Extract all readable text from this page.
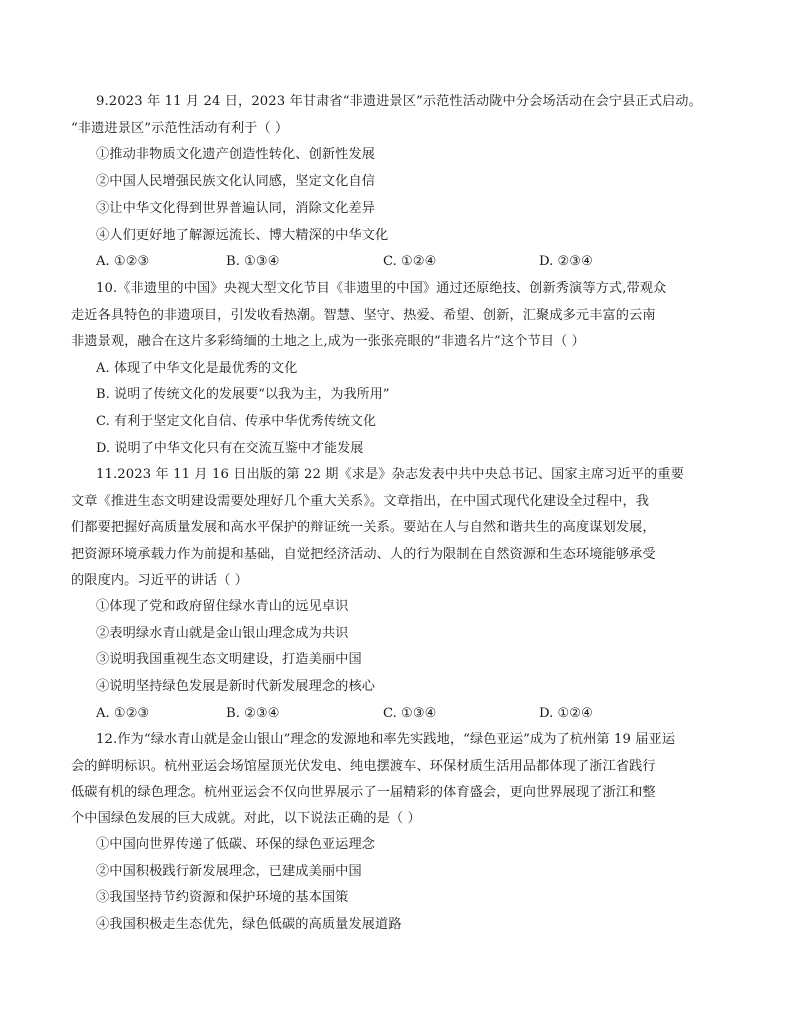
9.2023 年 11 月 24 日，2023 年甘肃省“非遗进景区”示范性活动陇中分会场活动在会宁县正式启动。
“非遗进景区”示范性活动有利于（ ）
①推动非物质文化遗产创造性转化、创新性发展
②中国人民增强民族文化认同感，坚定文化自信
③让中华文化得到世界普遍认同，消除文化差异
④人们更好地了解源远流长、博大精深的中华文化
A. ①②③	B. ①③④	C. ①②④	D. ②③④
10.《非遗里的中国》央视大型文化节目《非遗里的中国》通过还原绝技、创新秀演等方式,带观众
走近各具特色的非遗项目，引发收看热潮。智慧、坚守、热爱、希望、创新，汇聚成多元丰富的云南
非遗景观，融合在这片多彩绮缅的土地之上,成为一张张亮眼的“非遗名片”这个节目（ ）
A. 体现了中华文化是最优秀的文化
B. 说明了传统文化的发展要“以我为主，为我所用”
C. 有利于坚定文化自信、传承中华优秀传统文化
D. 说明了中华文化只有在交流互鉴中才能发展
11.2023 年 11 月 16 日出版的第 22 期《求是》杂志发表中共中央总书记、国家主席习近平的重要
文章《推进生态文明建设需要处理好几个重大关系》。文章指出，在中国式现代化建设全过程中，我
们都要把握好高质量发展和高水平保护的辩证统一关系。要站在人与自然和谐共生的高度谋划发展，
把资源环境承载力作为前提和基础，自觉把经济活动、人的行为限制在自然资源和生态环境能够承受
的限度内。习近平的讲话（ ）
①体现了党和政府留住绿水青山的远见卓识
②表明绿水青山就是金山银山理念成为共识
③说明我国重视生态文明建设，打造美丽中国
④说明坚持绿色发展是新时代新发展理念的核心
A. ①②③	B. ②③④	C. ①③④	D. ①②④
12.作为“绿水青山就是金山银山”理念的发源地和率先实践地，“绿色亚运”成为了杭州第 19 届亚运
会的鲜明标识。杭州亚运会场馆屋顶光伏发电、纯电摆渡车、环保材质生活用品都体现了浙江省践行
低碳有机的绿色理念。杭州亚运会不仅向世界展示了一届精彩的体育盛会，更向世界展现了浙江和整
个中国绿色发展的巨大成就。对此，以下说法正确的是（ ）
①中国向世界传递了低碳、环保的绿色亚运理念
②中国积极践行新发展理念，已建成美丽中国
③我国坚持节约资源和保护环境的基本国策
④我国积极走生态优先，绿色低碳的高质量发展道路
